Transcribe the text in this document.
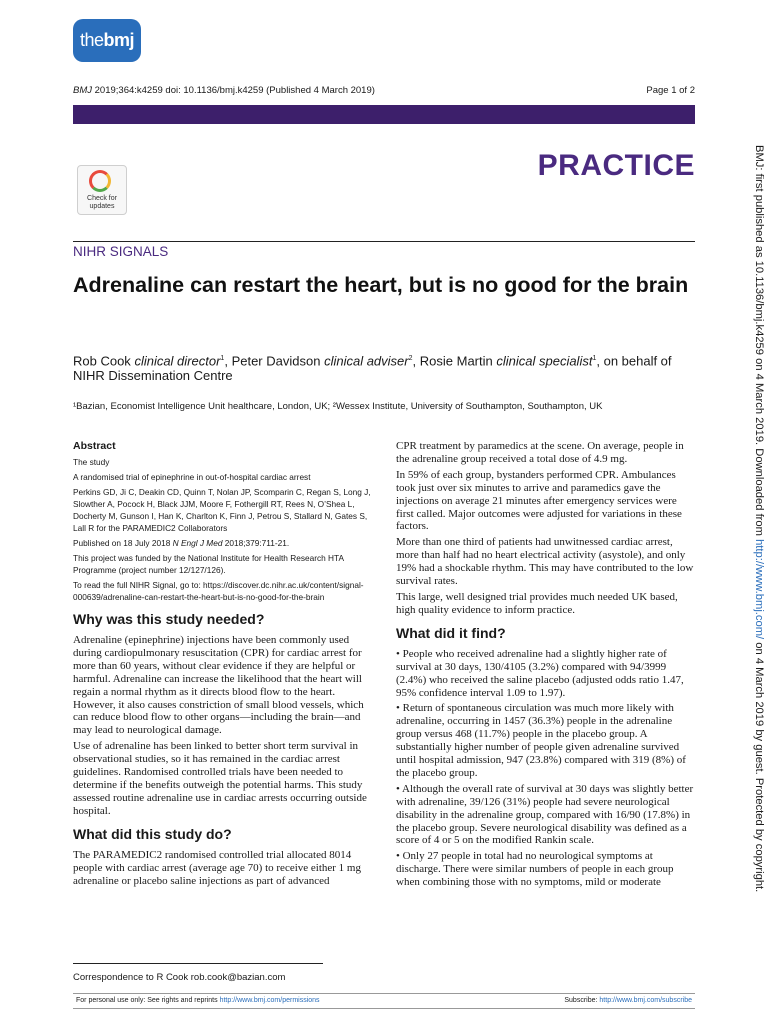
thebmj
BMJ 2019;364:k4259 doi: 10.1136/bmj.k4259 (Published 4 March 2019)	Page 1 of 2
PRACTICE
Check for updates
NIHR SIGNALS
Adrenaline can restart the heart, but is no good for the brain
Rob Cook clinical director$^1$, Peter Davidson clinical adviser$^2$, Rosie Martin clinical specialist$^1$, on behalf of NIHR Dissemination Centre
¹Bazian, Economist Intelligence Unit healthcare, London, UK; ²Wessex Institute, University of Southampton, Southampton, UK
Abstract

The study

A randomised trial of epinephrine in out-of-hospital cardiac arrest

Perkins GD, Ji C, Deakin CD, Quinn T, Nolan JP, Scomparin C, Regan S, Long J, Slowther A, Pocock H, Black JJM, Moore F, Fothergill RT, Rees N, O’Shea L, Docherty M, Gunson I, Han K, Charlton K, Finn J, Petrou S, Stallard N, Gates S, Lall R for the PARAMEDIC2 Collaborators

Published on 18 July 2018 N Engl J Med 2018;379:711-21.

This project was funded by the National Institute for Health Research HTA Programme (project number 12/127/126).

To read the full NIHR Signal, go to: https://discover.dc.nihr.ac.uk/content/signal-000639/adrenaline-can-restart-the-heart-but-is-no-good-for-the-brain

Why was this study needed?

Adrenaline (epinephrine) injections have been commonly used during cardiopulmonary resuscitation (CPR) for cardiac arrest for more than 60 years, without clear evidence if they are helpful or harmful. Adrenaline can increase the likelihood that the heart will regain a normal rhythm as it directs blood flow to the heart. However, it also causes constriction of small blood vessels, which can reduce blood flow to other organs—including the brain—and may lead to neurological damage.

Use of adrenaline has been linked to better short term survival in observational studies, so it has remained in the cardiac arrest guidelines. Randomised controlled trials have been needed to determine if the benefits outweigh the potential harms. This study assessed routine adrenaline use in cardiac arrests occurring outside hospital.

What did this study do?

The PARAMEDIC2 randomised controlled trial allocated 8014 people with cardiac arrest (average age 70) to receive either 1 mg adrenaline or placebo saline injections as part of advanced

CPR treatment by paramedics at the scene. On average, people in the adrenaline group received a total dose of 4.9 mg.

In 59% of each group, bystanders performed CPR. Ambulances took just over six minutes to arrive and paramedics gave the injections on average 21 minutes after emergency services were first called. Major outcomes were adjusted for variations in these factors.

More than one third of patients had unwitnessed cardiac arrest, more than half had no heart electrical activity (asystole), and only 19% had a shockable rhythm. This may have contributed to the low survival rates.

This large, well designed trial provides much needed UK based, high quality evidence to inform practice.

What did it find?

• People who received adrenaline had a slightly higher rate of survival at 30 days, 130/4105 (3.2%) compared with 94/3999 (2.4%) who received the saline placebo (adjusted odds ratio 1.47, 95% confidence interval 1.09 to 1.97).

• Return of spontaneous circulation was much more likely with adrenaline, occurring in 1457 (36.3%) people in the adrenaline group versus 468 (11.7%) people in the placebo group. A substantially higher number of people given adrenaline survived until hospital admission, 947 (23.8%) compared with 319 (8%) of the placebo group.

• Although the overall rate of survival at 30 days was slightly better with adrenaline, 39/126 (31%) people had severe neurological disability in the adrenaline group, compared with 16/90 (17.8%) in the placebo group. Severe neurological disability was defined as a score of 4 or 5 on the modified Rankin scale.

• Only 27 people in total had no neurological symptoms at discharge. There were similar numbers of people in each group when combining those with no symptoms, mild or moderate

Correspondence to R Cook rob.cook@bazian.com
For personal use only: See rights and reprints http://www.bmj.com/permissions	Subscribe: http://www.bmj.com/subscribe
BMJ: first published as 10.1136/bmj.k4259 on 4 March 2019. Downloaded from http://www.bmj.com/ on 4 March 2019 by guest. Protected by copyright.
